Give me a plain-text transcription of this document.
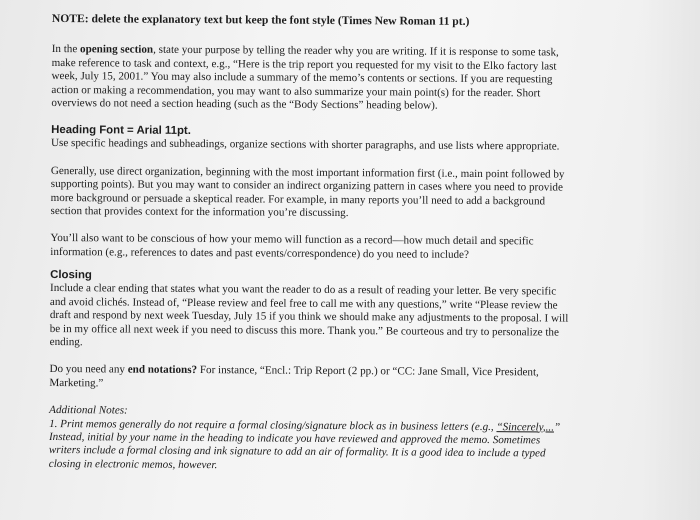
NOTE: delete the explanatory text but keep the font style (Times New Roman 11 pt.)

In the opening section, state your purpose by telling the reader why you are writing. If it is response to some task, make reference to task and context, e.g., “Here is the trip report you requested for my visit to the Elko factory last week, July 15, 2001.” You may also include a summary of the memo’s contents or sections. If you are requesting action or making a recommendation, you may want to also summarize your main point(s) for the reader. Short overviews do not need a section heading (such as the “Body Sections” heading below).

Heading Font = Arial 11pt.

Use specific headings and subheadings, organize sections with shorter paragraphs, and use lists where appropriate.

Generally, use direct organization, beginning with the most important information first (i.e., main point followed by supporting points). But you may want to consider an indirect organizing pattern in cases where you need to provide more background or persuade a skeptical reader. For example, in many reports you’ll need to add a background section that provides context for the information you’re discussing.

You’ll also want to be conscious of how your memo will function as a record—how much detail and specific information (e.g., references to dates and past events/correspondence) do you need to include?

Closing

Include a clear ending that states what you want the reader to do as a result of reading your letter. Be very specific and avoid clichés. Instead of, “Please review and feel free to call me with any questions,” write “Please review the draft and respond by next week Tuesday, July 15 if you think we should make any adjustments to the proposal. I will be in my office all next week if you need to discuss this more. Thank you.” Be courteous and try to personalize the ending.

Do you need any end notations? For instance, “Encl.: Trip Report (2 pp.) or “CC: Jane Small, Vice President, Marketing.”

Additional Notes:
1. Print memos generally do not require a formal closing/signature block as in business letters (e.g., “Sincerely,...” Instead, initial by your name in the heading to indicate you have reviewed and approved the memo. Sometimes writers include a formal closing and ink signature to add an air of formality. It is a good idea to include a typed closing in electronic memos, however.
